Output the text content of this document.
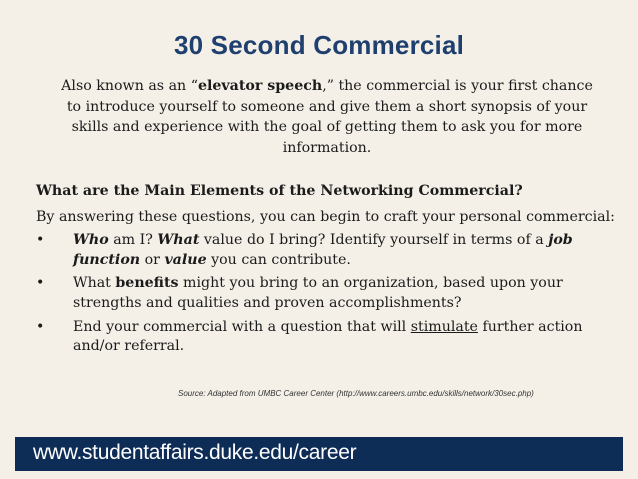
30 Second Commercial
Also known as an “elevator speech,” the commercial is your first chance to introduce yourself to someone and give them a short synopsis of your skills and experience with the goal of getting them to ask you for more information.
What are the Main Elements of the Networking Commercial?
By answering these questions, you can begin to craft your personal commercial:
• Who am I? What value do I bring? Identify yourself in terms of a job function or value you can contribute.
• What benefits might you bring to an organization, based upon your strengths and qualities and proven accomplishments?
• End your commercial with a question that will stimulate further action and/or referral.
Source: Adapted from UMBC Career Center (http://www.careers.umbc.edu/skills/network/30sec.php)
www.studentaffairs.duke.edu/career
